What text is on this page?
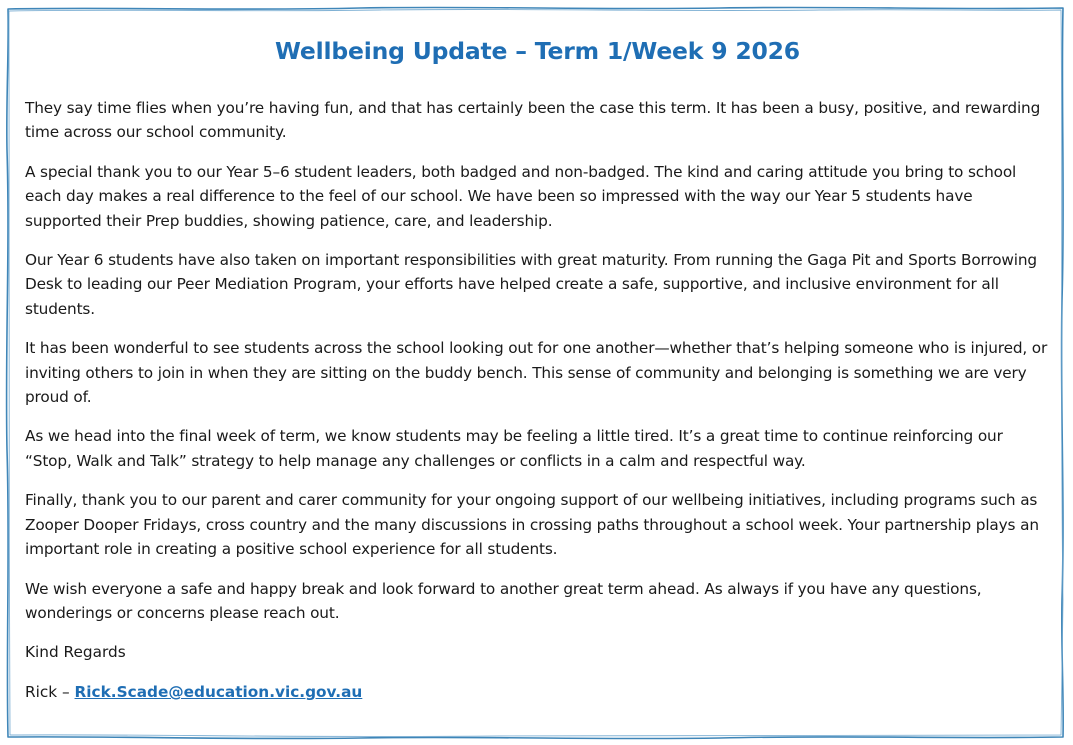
Wellbeing Update – Term 1/Week 9 2026

They say time flies when you’re having fun, and that has certainly been the case this term. It has been a busy, positive, and rewarding time across our school community.

A special thank you to our Year 5–6 student leaders, both badged and non-badged. The kind and caring attitude you bring to school each day makes a real difference to the feel of our school. We have been so impressed with the way our Year 5 students have supported their Prep buddies, showing patience, care, and leadership.

Our Year 6 students have also taken on important responsibilities with great maturity. From running the Gaga Pit and Sports Borrowing Desk to leading our Peer Mediation Program, your efforts have helped create a safe, supportive, and inclusive environment for all students.

It has been wonderful to see students across the school looking out for one another—whether that’s helping someone who is injured, or inviting others to join in when they are sitting on the buddy bench. This sense of community and belonging is something we are very proud of.

As we head into the final week of term, we know students may be feeling a little tired. It’s a great time to continue reinforcing our “Stop, Walk and Talk” strategy to help manage any challenges or conflicts in a calm and respectful way.

Finally, thank you to our parent and carer community for your ongoing support of our wellbeing initiatives, including programs such as Zooper Dooper Fridays, cross country and the many discussions in crossing paths throughout a school week. Your partnership plays an important role in creating a positive school experience for all students.

We wish everyone a safe and happy break and look forward to another great term ahead. As always if you have any questions, wonderings or concerns please reach out.

Kind Regards

Rick – Rick.Scade@education.vic.gov.au
